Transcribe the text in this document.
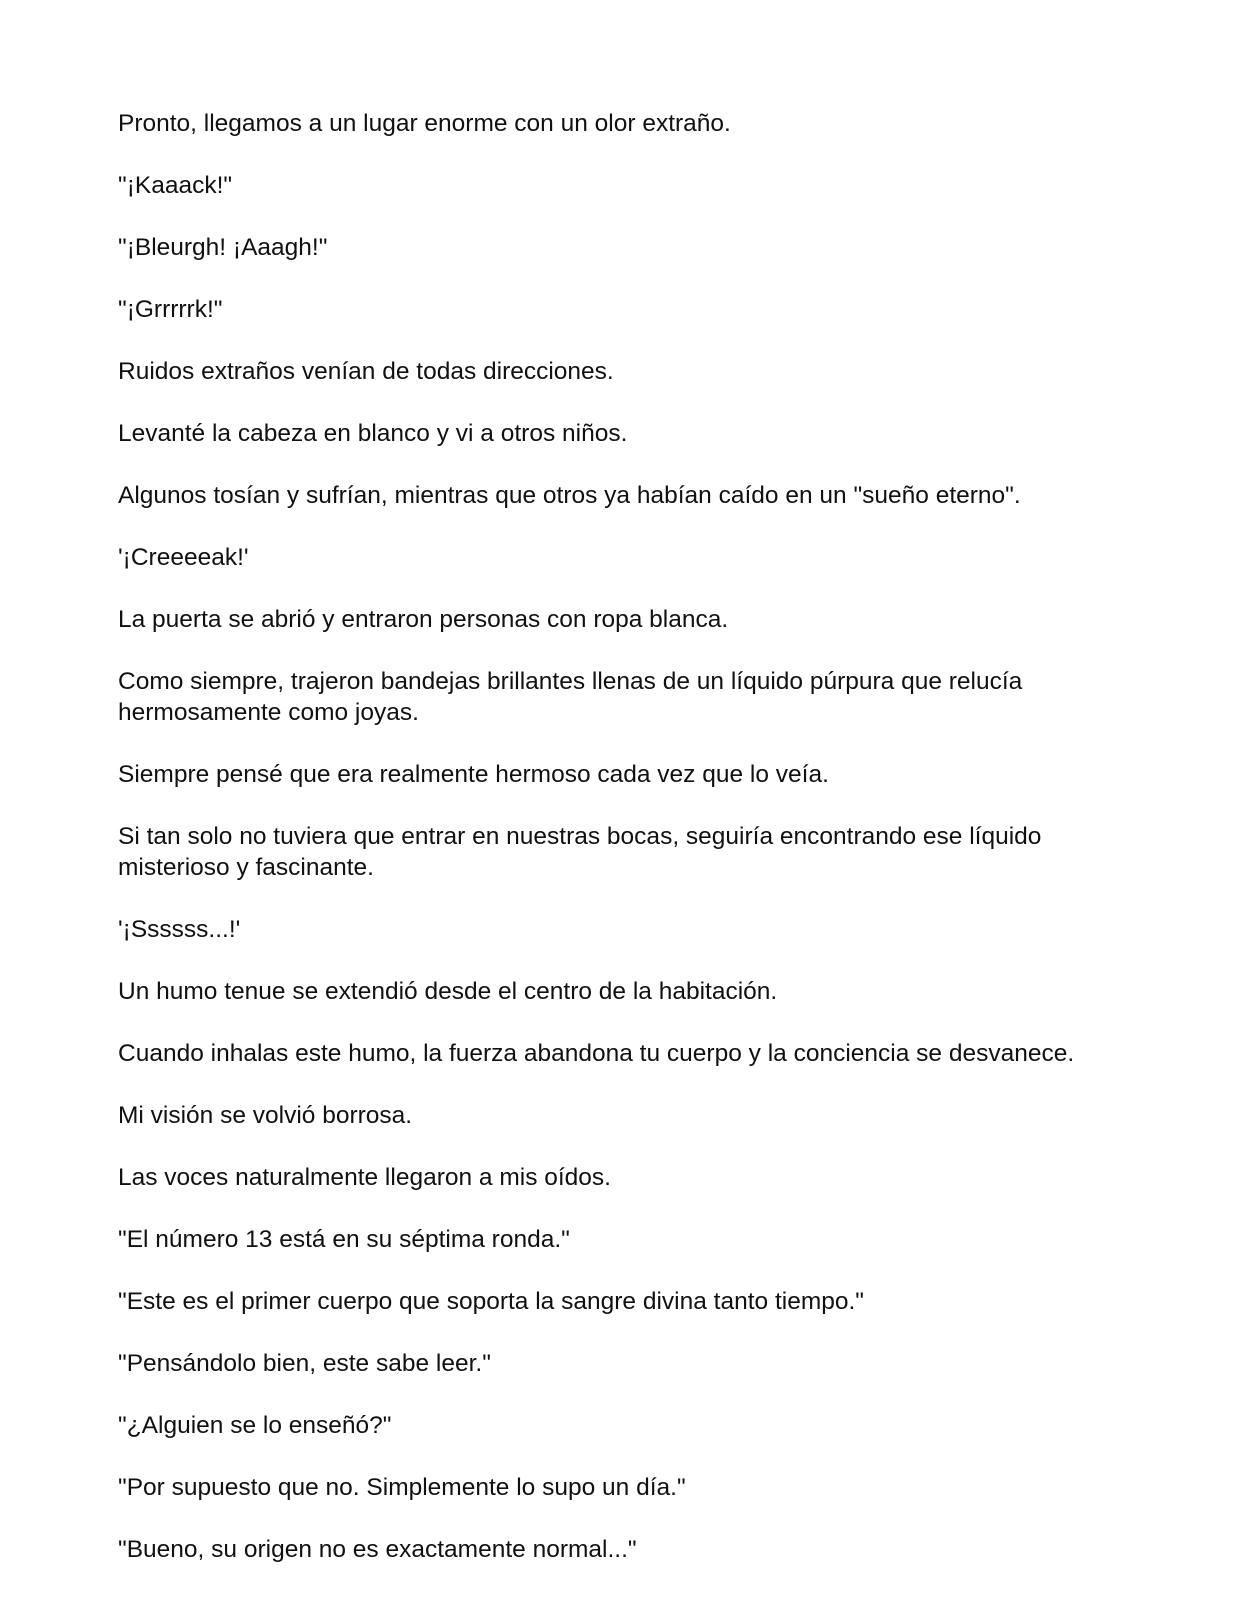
Pronto, llegamos a un lugar enorme con un olor extraño.

"¡Kaaack!"

"¡Bleurgh! ¡Aaagh!"

"¡Grrrrrk!"

Ruidos extraños venían de todas direcciones.

Levanté la cabeza en blanco y vi a otros niños.

Algunos tosían y sufrían, mientras que otros ya habían caído en un "sueño eterno".

'¡Creeeeak!'

La puerta se abrió y entraron personas con ropa blanca.

Como siempre, trajeron bandejas brillantes llenas de un líquido púrpura que relucía hermosamente como joyas.

Siempre pensé que era realmente hermoso cada vez que lo veía.

Si tan solo no tuviera que entrar en nuestras bocas, seguiría encontrando ese líquido misterioso y fascinante.

'¡Ssssss...!'

Un humo tenue se extendió desde el centro de la habitación.

Cuando inhalas este humo, la fuerza abandona tu cuerpo y la conciencia se desvanece.

Mi visión se volvió borrosa.

Las voces naturalmente llegaron a mis oídos.

"El número 13 está en su séptima ronda."

"Este es el primer cuerpo que soporta la sangre divina tanto tiempo."

"Pensándolo bien, este sabe leer."

"¿Alguien se lo enseñó?"

"Por supuesto que no. Simplemente lo supo un día."

"Bueno, su origen no es exactamente normal..."
